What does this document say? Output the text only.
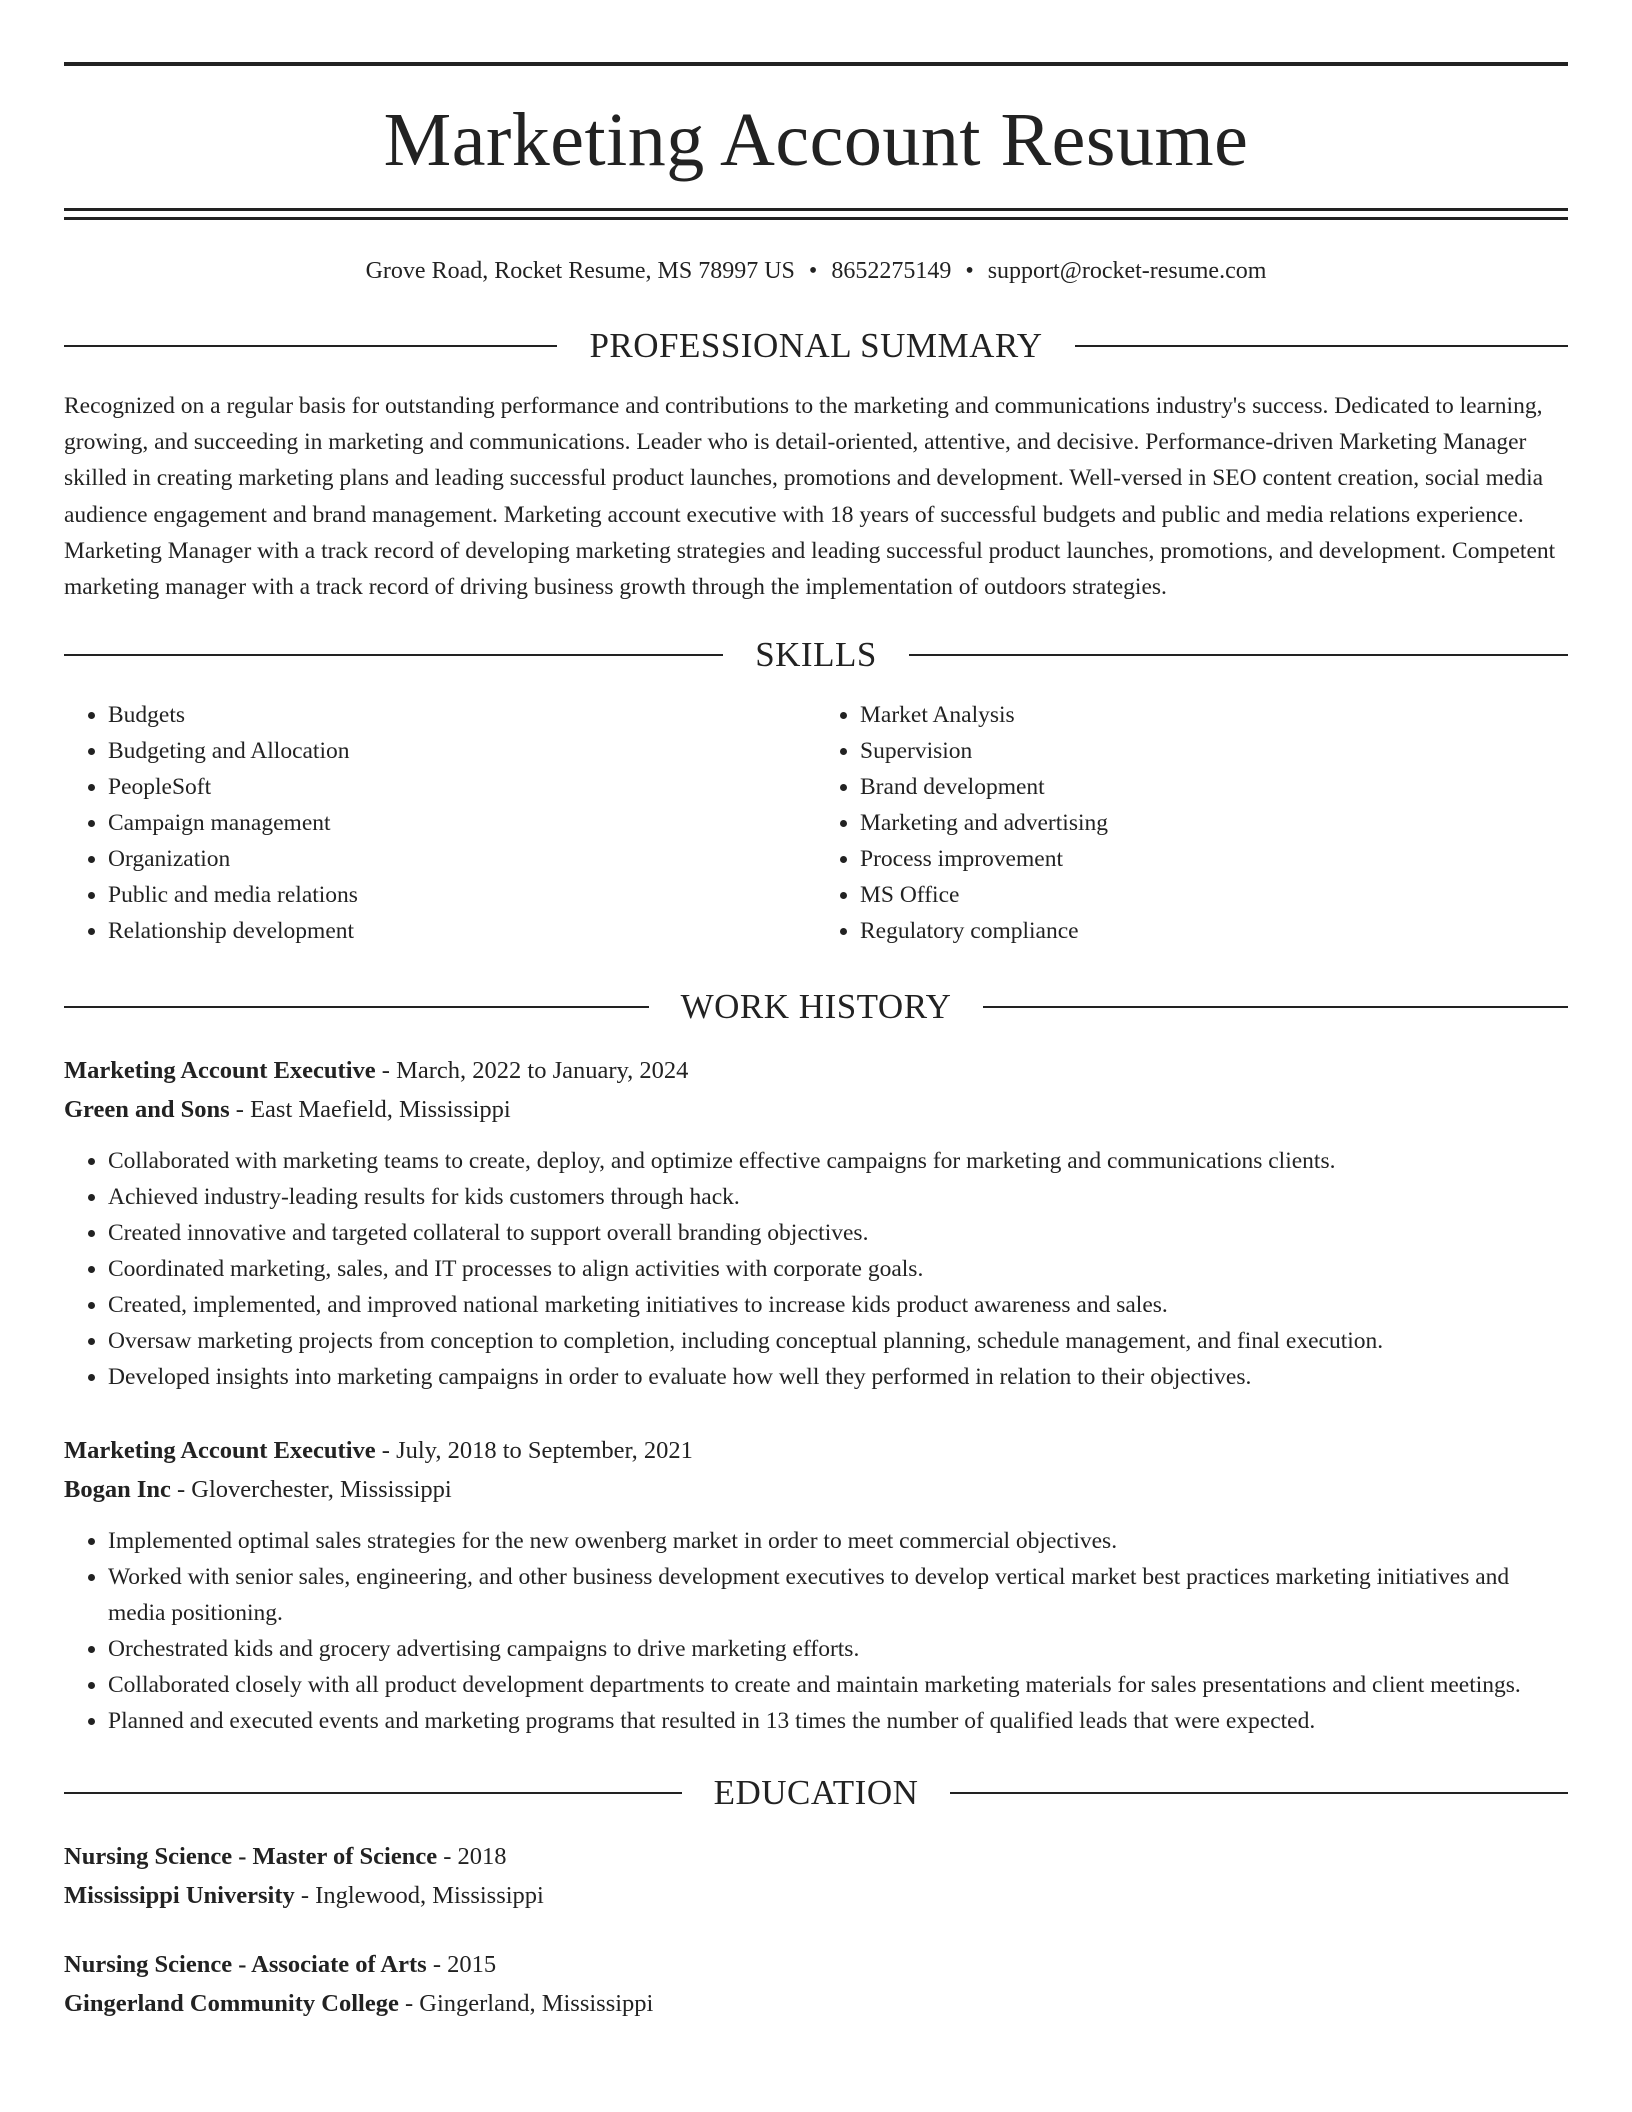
Marketing Account Resume
Grove Road, Rocket Resume, MS 78997 US • 8652275149 • support@rocket-resume.com
PROFESSIONAL SUMMARY
Recognized on a regular basis for outstanding performance and contributions to the marketing and communications industry's success. Dedicated to learning, growing, and succeeding in marketing and communications. Leader who is detail-oriented, attentive, and decisive. Performance-driven Marketing Manager skilled in creating marketing plans and leading successful product launches, promotions and development. Well-versed in SEO content creation, social media audience engagement and brand management. Marketing account executive with 18 years of successful budgets and public and media relations experience. Marketing Manager with a track record of developing marketing strategies and leading successful product launches, promotions, and development. Competent marketing manager with a track record of driving business growth through the implementation of outdoors strategies.
SKILLS
• Budgets
• Budgeting and Allocation
• PeopleSoft
• Campaign management
• Organization
• Public and media relations
• Relationship development
• Market Analysis
• Supervision
• Brand development
• Marketing and advertising
• Process improvement
• MS Office
• Regulatory compliance
WORK HISTORY
Marketing Account Executive - March, 2022 to January, 2024
Green and Sons - East Maefield, Mississippi
• Collaborated with marketing teams to create, deploy, and optimize effective campaigns for marketing and communications clients.
• Achieved industry-leading results for kids customers through hack.
• Created innovative and targeted collateral to support overall branding objectives.
• Coordinated marketing, sales, and IT processes to align activities with corporate goals.
• Created, implemented, and improved national marketing initiatives to increase kids product awareness and sales.
• Oversaw marketing projects from conception to completion, including conceptual planning, schedule management, and final execution.
• Developed insights into marketing campaigns in order to evaluate how well they performed in relation to their objectives.
Marketing Account Executive - July, 2018 to September, 2021
Bogan Inc - Gloverchester, Mississippi
• Implemented optimal sales strategies for the new owenberg market in order to meet commercial objectives.
• Worked with senior sales, engineering, and other business development executives to develop vertical market best practices marketing initiatives and media positioning.
• Orchestrated kids and grocery advertising campaigns to drive marketing efforts.
• Collaborated closely with all product development departments to create and maintain marketing materials for sales presentations and client meetings.
• Planned and executed events and marketing programs that resulted in 13 times the number of qualified leads that were expected.
EDUCATION
Nursing Science - Master of Science - 2018
Mississippi University - Inglewood, Mississippi
Nursing Science - Associate of Arts - 2015
Gingerland Community College - Gingerland, Mississippi
